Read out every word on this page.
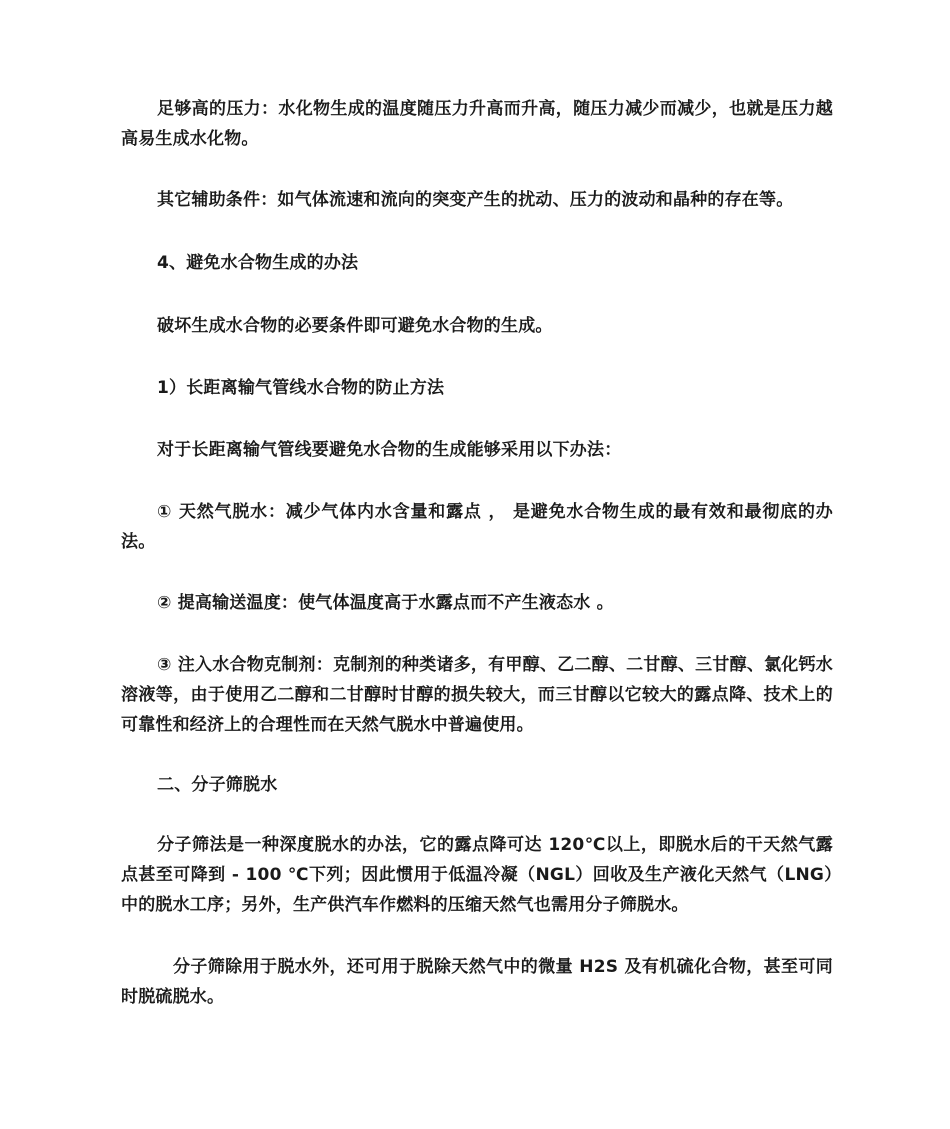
足够高的压力：水化物生成的温度随压力升高而升高，随压力减少而减少，也就是压力越高易生成水化物。

其它辅助条件：如气体流速和流向的突变产生的扰动、压力的波动和晶种的存在等。

4、避免水合物生成的办法

破坏生成水合物的必要条件即可避免水合物的生成。

1）长距离输气管线水合物的防止方法

对于长距离输气管线要避免水合物的生成能够采用以下办法：

① 天然气脱水：减少气体内水含量和露点 ， 是避免水合物生成的最有效和最彻底的办法。

② 提高输送温度：使气体温度高于水露点而不产生液态水 。

③ 注入水合物克制剂：克制剂的种类诸多，有甲醇、乙二醇、二甘醇、三甘醇、氯化钙水溶液等，由于使用乙二醇和二甘醇时甘醇的损失较大，而三甘醇以它较大的露点降、技术上的可靠性和经济上的合理性而在天然气脱水中普遍使用。

二、分子筛脱水

分子筛法是一种深度脱水的办法，它的露点降可达 120℃以上，即脱水后的干天然气露点甚至可降到 - 100 ℃下列；因此惯用于低温冷凝（NGL）回收及生产液化天然气（LNG）中的脱水工序；另外，生产供汽车作燃料的压缩天然气也需用分子筛脱水。

分子筛除用于脱水外，还可用于脱除天然气中的微量 H2S 及有机硫化合物，甚至可同时脱硫脱水。
